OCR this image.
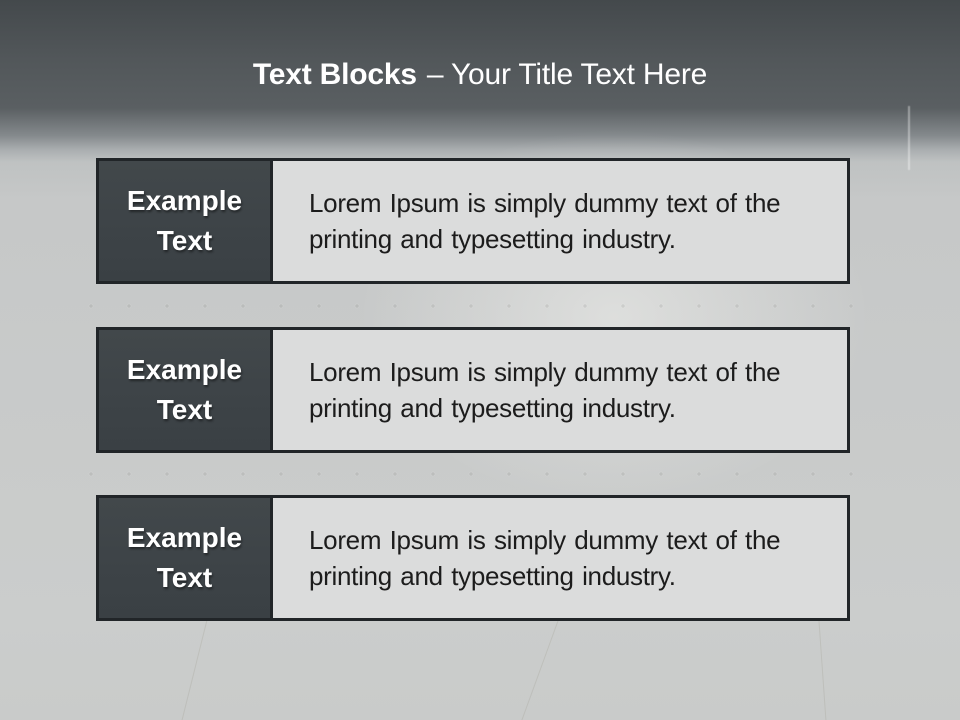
Text Blocks – Your Title Text Here
Example
Text
Lorem Ipsum is simply dummy text of the
printing and typesetting industry.
Example
Text
Lorem Ipsum is simply dummy text of the
printing and typesetting industry.
Example
Text
Lorem Ipsum is simply dummy text of the
printing and typesetting industry.
